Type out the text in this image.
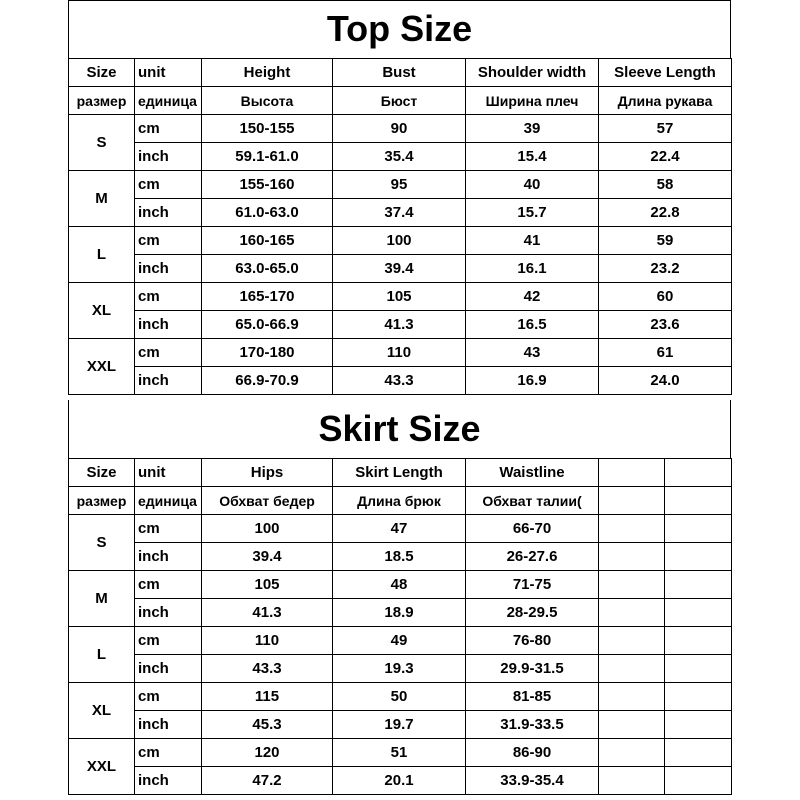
Top Size
Size	unit	Height	Bust	Shoulder width	Sleeve Length
размер	единица	Высота	Бюст	Ширина плеч	Длина рукава
S	cm	150-155	90	39	57
	inch	59.1-61.0	35.4	15.4	22.4
M	cm	155-160	95	40	58
	inch	61.0-63.0	37.4	15.7	22.8
L	cm	160-165	100	41	59
	inch	63.0-65.0	39.4	16.1	23.2
XL	cm	165-170	105	42	60
	inch	65.0-66.9	41.3	16.5	23.6
XXL	cm	170-180	110	43	61
	inch	66.9-70.9	43.3	16.9	24.0
Skirt Size
Size	unit	Hips	Skirt Length	Waistline		
размер	единица	Обхват бедер	Длина брюк	Обхват талии(		
S	cm	100	47	66-70		
	inch	39.4	18.5	26-27.6		
M	cm	105	48	71-75		
	inch	41.3	18.9	28-29.5		
L	cm	110	49	76-80		
	inch	43.3	19.3	29.9-31.5		
XL	cm	115	50	81-85		
	inch	45.3	19.7	31.9-33.5		
XXL	cm	120	51	86-90		
	inch	47.2	20.1	33.9-35.4		
